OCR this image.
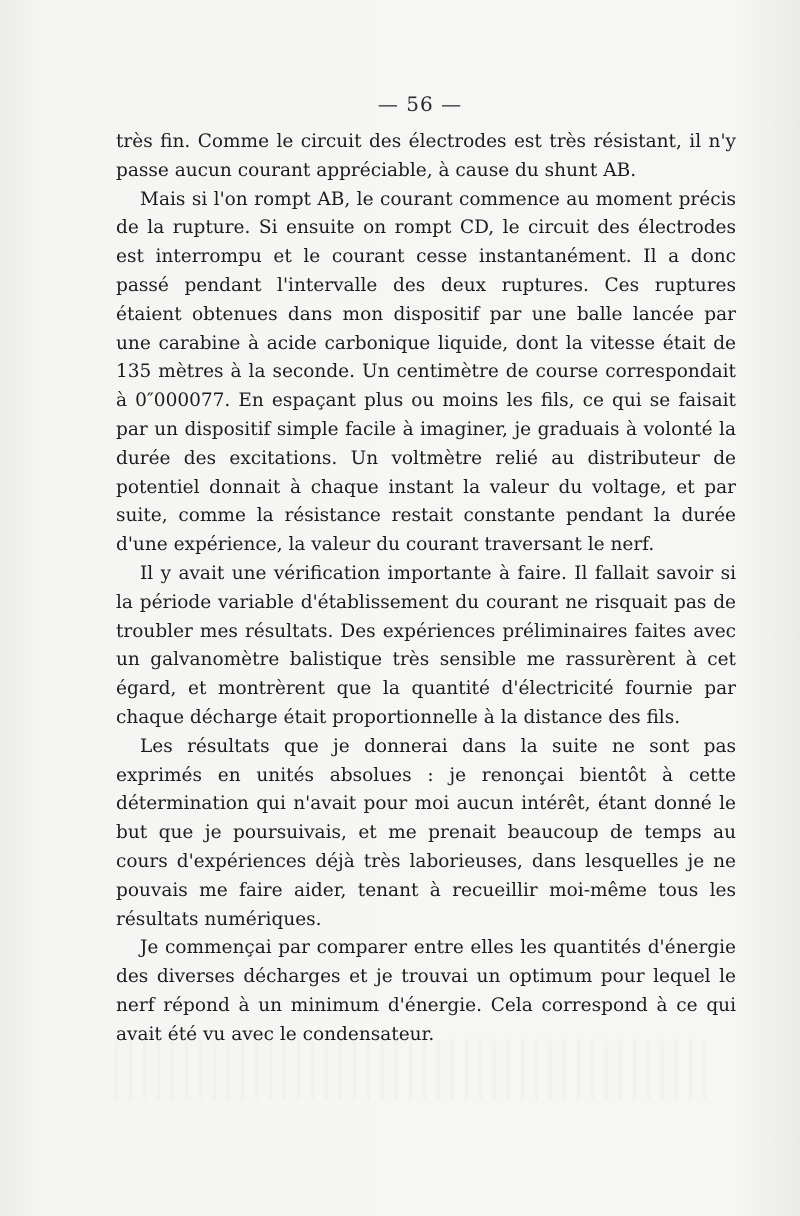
— 56 —

très fin. Comme le circuit des électrodes est très résistant, il n'y passe aucun courant appréciable, à cause du shunt AB.

Mais si l'on rompt AB, le courant commence au moment précis de la rupture. Si ensuite on rompt CD, le circuit des électrodes est interrompu et le courant cesse instantanément. Il a donc passé pendant l'intervalle des deux ruptures. Ces ruptures étaient obtenues dans mon dispositif par une balle lancée par une carabine à acide carbonique liquide, dont la vitesse était de 135 mètres à la seconde. Un centimètre de course correspondait à 0″000077. En espaçant plus ou moins les fils, ce qui se faisait par un dispositif simple facile à imaginer, je graduais à volonté la durée des excitations. Un voltmètre relié au distributeur de potentiel donnait à chaque instant la valeur du voltage, et par suite, comme la résistance restait constante pendant la durée d'une expérience, la valeur du courant traversant le nerf.

Il y avait une vérification importante à faire. Il fallait savoir si la période variable d'établissement du courant ne risquait pas de troubler mes résultats. Des expériences préliminaires faites avec un galvanomètre balistique très sensible me rassurèrent à cet égard, et montrèrent que la quantité d'électricité fournie par chaque décharge était proportionnelle à la distance des fils.

Les résultats que je donnerai dans la suite ne sont pas exprimés en unités absolues : je renonçai bientôt à cette détermination qui n'avait pour moi aucun intérêt, étant donné le but que je poursuivais, et me prenait beaucoup de temps au cours d'expériences déjà très laborieuses, dans lesquelles je ne pouvais me faire aider, tenant à recueillir moi-même tous les résultats numériques.

Je commençai par comparer entre elles les quantités d'énergie des diverses décharges et je trouvai un optimum pour lequel le nerf répond à un minimum d'énergie. Cela correspond à ce qui avait été vu avec le condensateur.
